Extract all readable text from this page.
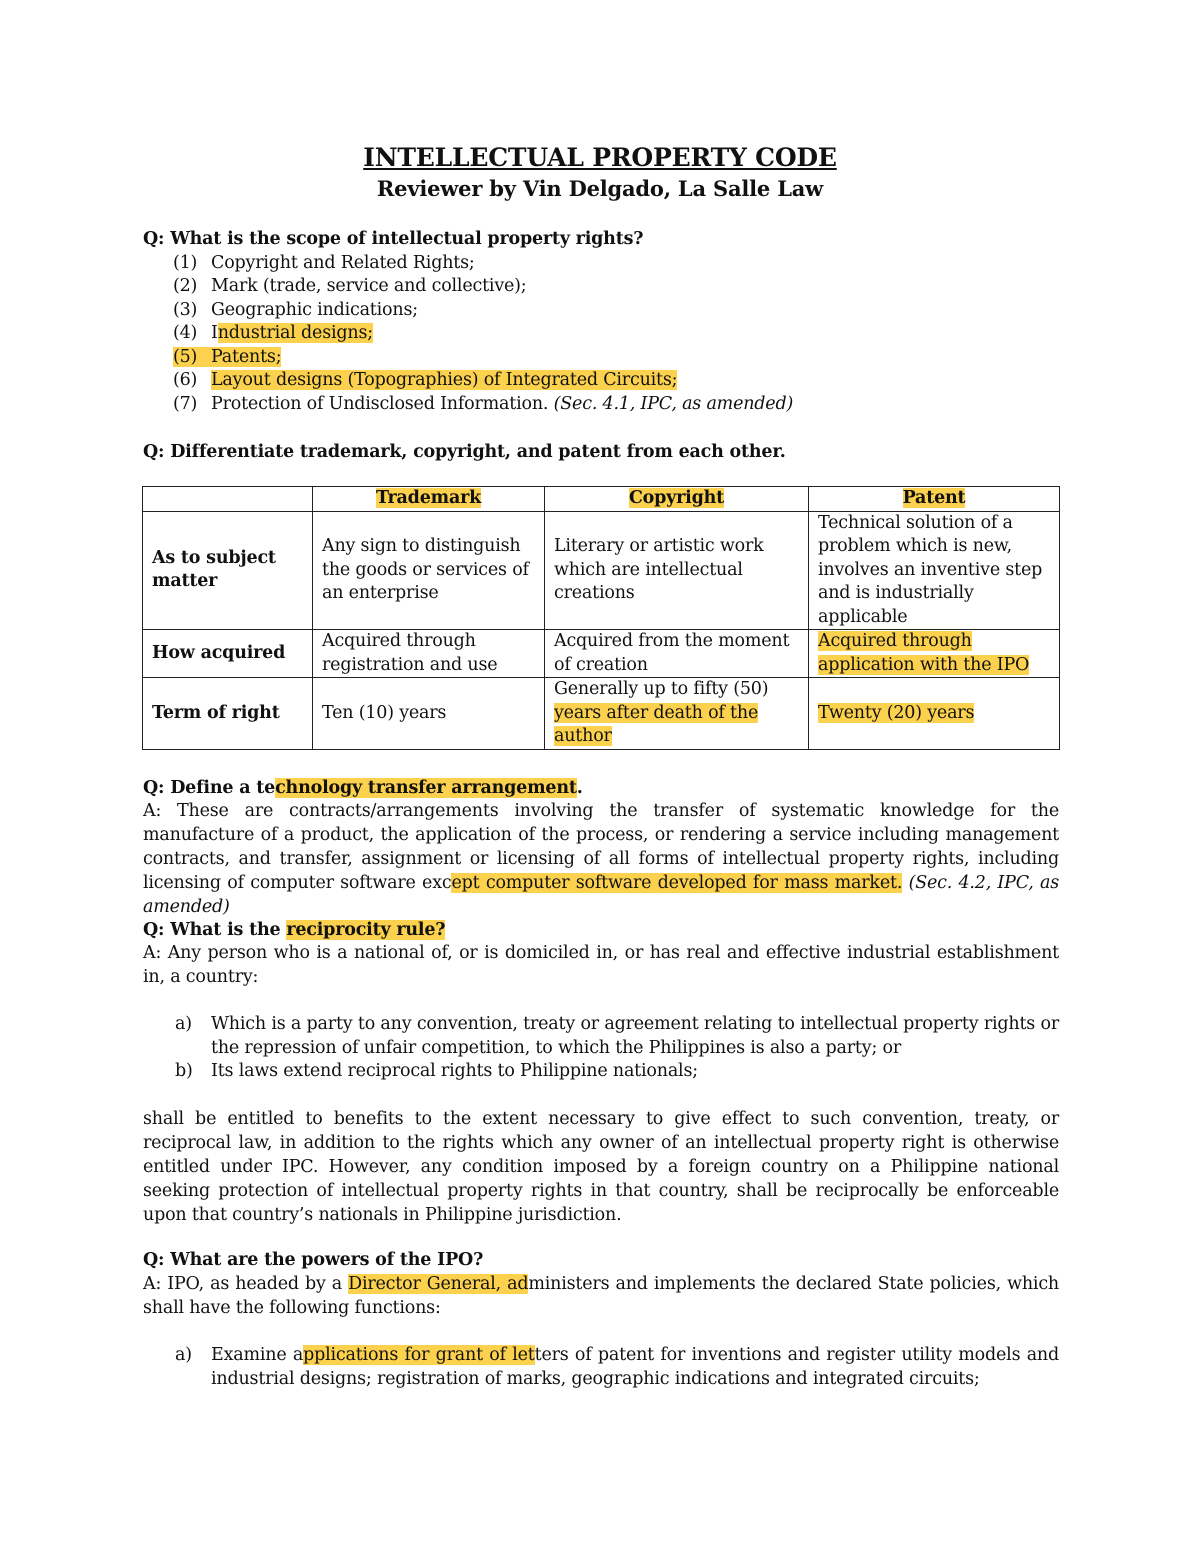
INTELLECTUAL PROPERTY CODE
Reviewer by Vin Delgado, La Salle Law
Q: What is the scope of intellectual property rights?
(1) Copyright and Related Rights;
(2) Mark (trade, service and collective);
(3) Geographic indications;
(4) Industrial designs;
(5) Patents;
(6) Layout designs (Topographies) of Integrated Circuits;
(7) Protection of Undisclosed Information. (Sec. 4.1, IPC, as amended)
Q: Differentiate trademark, copyright, and patent from each other.
	Trademark	Copyright	Patent
As to subject matter	Any sign to distinguish the goods or services of an enterprise	Literary or artistic work which are intellectual creations	Technical solution of a problem which is new, involves an inventive step and is industrially applicable
How acquired	Acquired through registration and use	Acquired from the moment of creation	Acquired through application with the IPO
Term of right	Ten (10) years	Generally up to fifty (50) years after death of the author	Twenty (20) years
Q: Define a technology transfer arrangement.
A: These are contracts/arrangements involving the transfer of systematic knowledge for the manufacture of a product, the application of the process, or rendering a service including management contracts, and transfer, assignment or licensing of all forms of intellectual property rights, including licensing of computer software except computer software developed for mass market. (Sec. 4.2, IPC, as amended)
Q: What is the reciprocity rule?
A: Any person who is a national of, or is domiciled in, or has real and effective industrial establishment in, a country:
a) Which is a party to any convention, treaty or agreement relating to intellectual property rights or the repression of unfair competition, to which the Philippines is also a party; or
b) Its laws extend reciprocal rights to Philippine nationals;
shall be entitled to benefits to the extent necessary to give effect to such convention, treaty, or reciprocal law, in addition to the rights which any owner of an intellectual property right is otherwise entitled under IPC. However, any condition imposed by a foreign country on a Philippine national seeking protection of intellectual property rights in that country, shall be reciprocally be enforceable upon that country’s nationals in Philippine jurisdiction.
Q: What are the powers of the IPO?
A: IPO, as headed by a Director General, administers and implements the declared State policies, which shall have the following functions:
a) Examine applications for grant of letters of patent for inventions and register utility models and industrial designs; registration of marks, geographic indications and integrated circuits;
